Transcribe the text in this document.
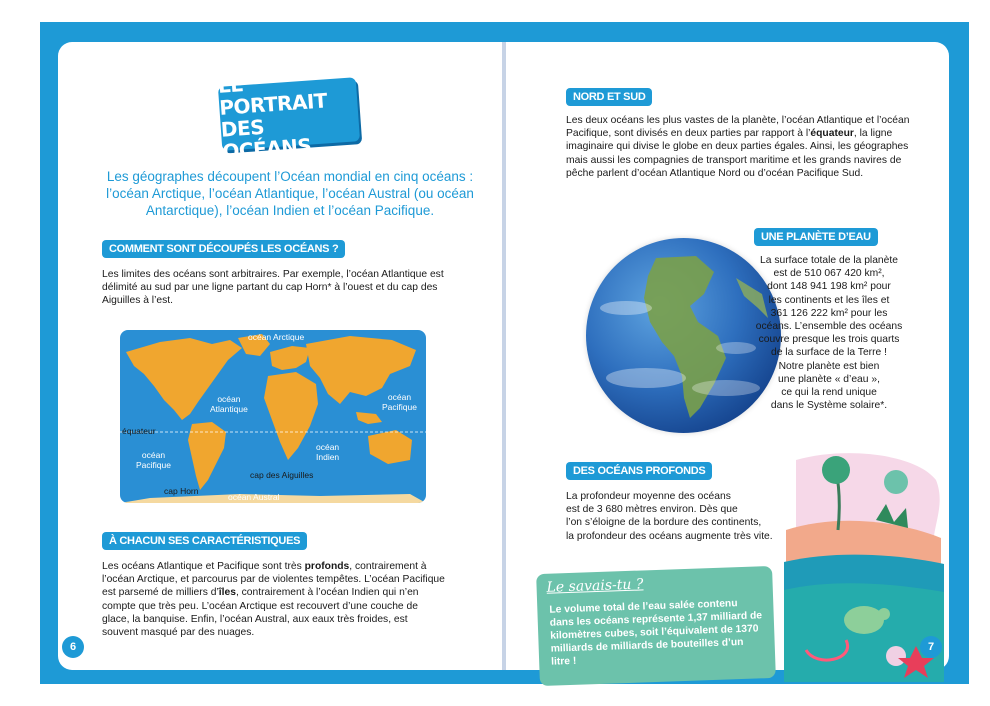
LE PORTRAIT
DES OCÉANS

Les géographes découpent l’Océan mondial en cinq océans : l’océan Arctique, l’océan Atlantique, l’océan Austral (ou océan Antarctique), l’océan Indien et l’océan Pacifique.

COMMENT SONT DÉCOUPÉS LES OCÉANS ?

Les limites des océans sont arbitraires. Par exemple, l’océan Atlantique est délimité au sud par une ligne partant du cap Horn* à l’ouest et du cap des Aiguilles à l’est.

océan Arctique
océan
Atlantique
océan
Pacifique
équateur
océan
Pacifique
océan
Indien
cap des Aiguilles
cap Horn
océan Austral
À CHACUN SES CARACTÉRISTIQUES

Les océans Atlantique et Pacifique sont très profonds, contrairement à l’océan Arctique, et parcourus par de violentes tempêtes. L’océan Pacifique est parsemé de milliers d’îles, contrairement à l’océan Indien qui n’en compte que très peu. L’océan Arctique est recouvert d’une couche de glace, la banquise. Enfin, l’océan Austral, aux eaux très froides, est souvent masqué par des nuages.

6
NORD ET SUD

Les deux océans les plus vastes de la planète, l’océan Atlantique et l’océan Pacifique, sont divisés en deux parties par rapport à l’équateur, la ligne imaginaire qui divise le globe en deux parties égales. Ainsi, les géographes mais aussi les compagnies de transport maritime et les grands navires de pêche parlent d’océan Atlantique Nord ou d’océan Pacifique Sud.

UNE PLANÈTE D’EAU
La surface totale de la planète
est de 510 067 420 km²,
dont 148 941 198 km² pour
les continents et les îles et
361 126 222 km² pour les
océans. L’ensemble des océans
couvre presque les trois quarts
de la surface de la Terre !
Notre planète est bien
une planète « d’eau »,
ce qui la rend unique
dans le Système solaire*.
DES OCÉANS PROFONDS
La profondeur moyenne des océans
est de 3 680 mètres environ. Dès que
l’on s’éloigne de la bordure des continents,
la profondeur des océans augmente très vite.
Le savais-tu ?
Le volume total de l’eau salée contenu dans les océans représente 1,37 milliard de kilomètres cubes, soit l’équivalent de 1370 milliards de milliards de bouteilles d’un litre !
7
